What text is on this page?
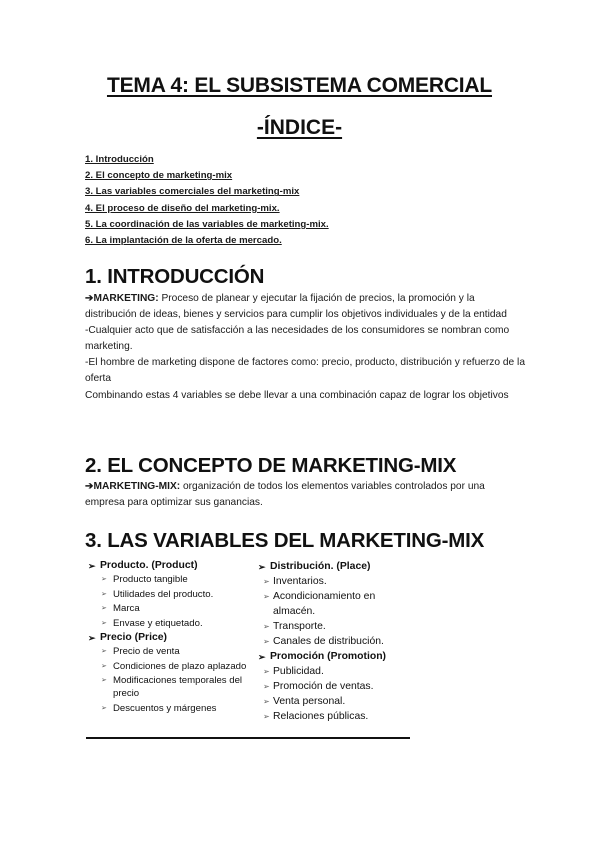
TEMA 4: EL SUBSISTEMA COMERCIAL
-ÍNDICE-
1. Introducción
2. El concepto de marketing-mix
3. Las variables comerciales del marketing-mix
4. El proceso de diseño del marketing-mix.
5. La coordinación de las variables de marketing-mix.
6. La implantación de la oferta de mercado.
1. INTRODUCCIÓN

➔MARKETING: Proceso de planear y ejecutar la fijación de precios, la promoción y la distribución de ideas, bienes y servicios para cumplir los objetivos individuales y de la entidad

-Cualquier acto que de satisfacción a las necesidades de los consumidores se nombran como marketing.

-El hombre de marketing dispone de factores como: precio, producto, distribución y refuerzo de la oferta

Combinando estas 4 variables se debe llevar a una combinación capaz de lograr los objetivos

2. EL CONCEPTO DE MARKETING-MIX

➔MARKETING-MIX: organización de todos los elementos variables controlados por una empresa para optimizar sus ganancias.

3. LAS VARIABLES DEL MARKETING-MIX
➢ Producto. (Product)
➢ Producto tangible
➢ Utilidades del producto.
➢ Marca
➢ Envase y etiquetado.
➢ Precio (Price)
➢ Precio de venta
➢ Condiciones de plazo aplazado
➢ Modificaciones temporales del precio
➢ Descuentos y márgenes
➢ Distribución. (Place)
➢ Inventarios.
➢ Acondicionamiento en almacén.
➢ Transporte.
➢ Canales de distribución.
➢ Promoción (Promotion)
➢ Publicidad.
➢ Promoción de ventas.
➢ Venta personal.
➢ Relaciones públicas.
